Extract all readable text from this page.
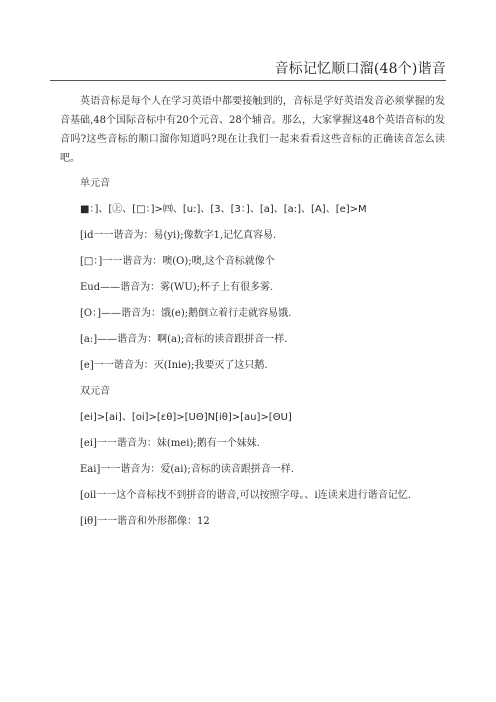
音标记忆顺口溜(48个)谐音

英语音标是每个人在学习英语中都要接触到的，音标是学好英语发音必须掌握的发音基础,48个国际音标中有20个元音、28个辅音。那么，大家掌握这48个英语音标的发音吗?这些音标的顺口溜你知道吗?现在让我们一起来看看这些音标的正确读音怎么读吧。

单元音

■：]、[㊤、[□：]>㈣、[u:]、[3、[3：]、[a]、[a:]、[A]、[e]>M

[id一一谐音为：易(yi);像数字1,记忆真容易.

[□：]一一谐音为：噢(O);噢,这个音标就像个

Eud——谐音为：雾(WU);杯子上有很多雾.

[O：]——谐音为：饿(e);鹅倒立着行走就容易饿.

[a:]——谐音为：啊(a);音标的读音跟拼音一样.

[e]一一谐音为：灭(Inie);我要灭了这只鹅.

双元音

[ei]>[ai]、[oi]>[ɛθ]>[UΘ]N[iθ]>[au]>[ΘU]

[ei]一一谐音为：妹(mei);鹅有一个妹妹.

Eai]一一谐音为：爱(ai);音标的读音跟拼音一样.

[oil一一这个音标找不到拼音的谐音,可以按照字母。、i连读来进行谐音记忆.

[iθ]一一谐音和外形都像：12
